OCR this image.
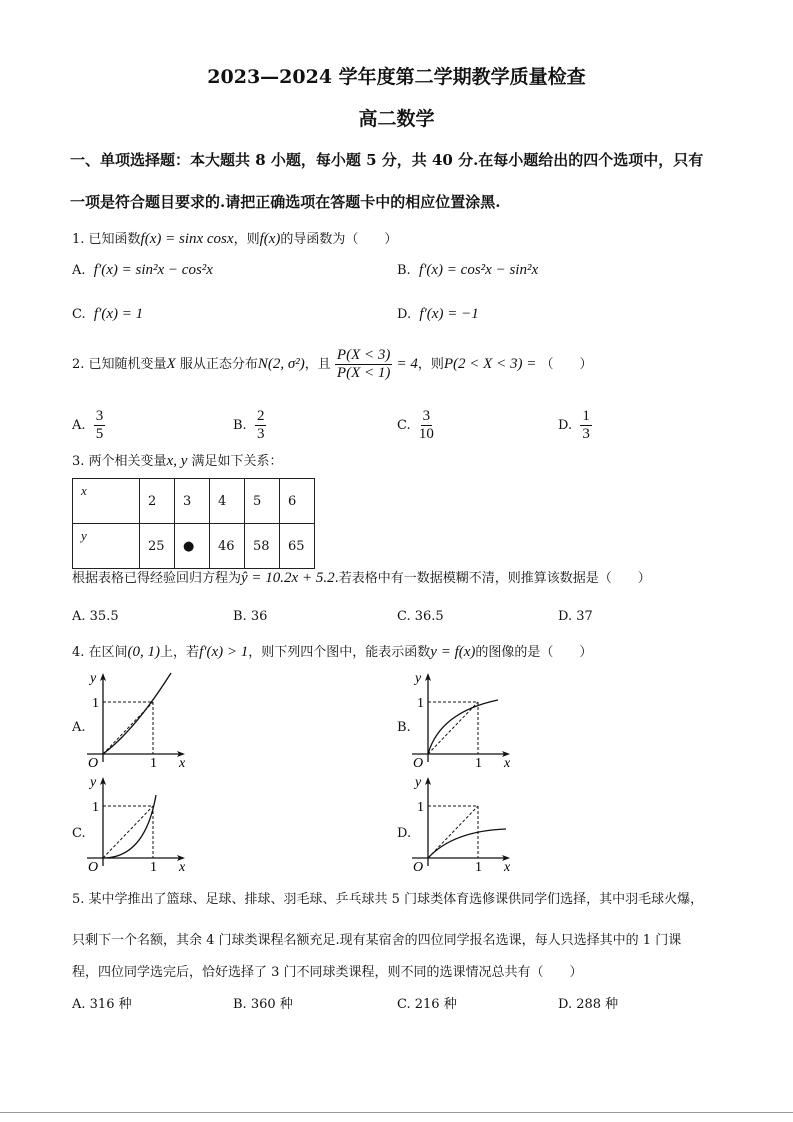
2023—2024 学年度第二学期教学质量检查
高二数学
一、单项选择题：本大题共 8 小题，每小题 5 分，共 40 分.在每小题给出的四个选项中，只有
一项是符合题目要求的.请把正确选项在答题卡中的相应位置涂黑.
1. 已知函数f(x) = sinx cosx，则f(x)的导函数为（　　）
A. f′(x) = sin²x − cos²x	B. f′(x) = cos²x − sin²x
C. f′(x) = 1	D. f′(x) = −1
2. 已知随机变量X 服从正态分布N(2, σ²)，且 $\frac{P(X < 3)}{P(X < 1)} = 4$，则P(2 < X < 3) = （　　）
A. $\frac{3}{5}$	B. $\frac{2}{3}$	C. $\frac{3}{10}$	D. $\frac{1}{3}$
3. 两个相关变量x, y 满足如下关系：
x	2	3	4	5	6
y	25	●	46	58	65
根据表格已得经验回归方程为ŷ = 10.2x + 5.2.若表格中有一数据模糊不清，则推算该数据是（　　）
A. 35.5	B. 36	C. 36.5	D. 37
4. 在区间(0, 1)上，若f′(x) > 1，则下列四个图中，能表示函数y = f(x)的图像的是（　　）
A.	B.
C.	D.
y
1
O	1 x
y
1
O	1 x
y
1
O	1 x
y
1
O	1 x
5. 某中学推出了篮球、足球、排球、羽毛球、乒乓球共 5 门球类体育选修课供同学们选择，其中羽毛球火爆，
只剩下一个名额，其余 4 门球类课程名额充足.现有某宿舍的四位同学报名选课，每人只选择其中的 1 门课
程，四位同学选完后，恰好选择了 3 门不同球类课程，则不同的选课情况总共有（　　）
A. 316 种	B. 360 种	C. 216 种	D. 288 种
